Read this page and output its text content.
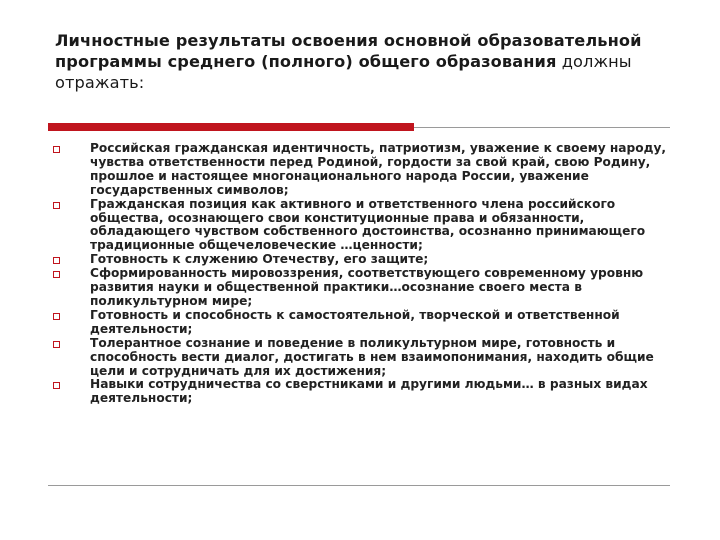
Личностные результаты освоения основной образовательной программы среднего (полного) общего образования должны отражать:
Российская гражданская идентичность, патриотизм, уважение к своему народу, чувства ответственности перед Родиной, гордости за свой край, свою Родину, прошлое и настоящее многонационального народа России, уважение государственных символов;
Гражданская позиция как активного и ответственного члена российского общества, осознающего свои конституционные права и обязанности, обладающего чувством собственного достоинства, осознанно принимающего традиционные общечеловеческие …ценности;
Готовность к служению Отечеству, его защите;
Сформированность мировоззрения, соответствующего современному уровню развития науки и общественной практики…осознание своего места в поликультурном мире;
Готовность и способность к самостоятельной, творческой и ответственной деятельности;
Толерантное сознание и поведение в поликультурном мире, готовность и способность вести диалог, достигать в нем взаимопонимания, находить общие цели и сотрудничать для их достижения;
Навыки сотрудничества со сверстниками и другими людьми… в разных видах деятельности;
